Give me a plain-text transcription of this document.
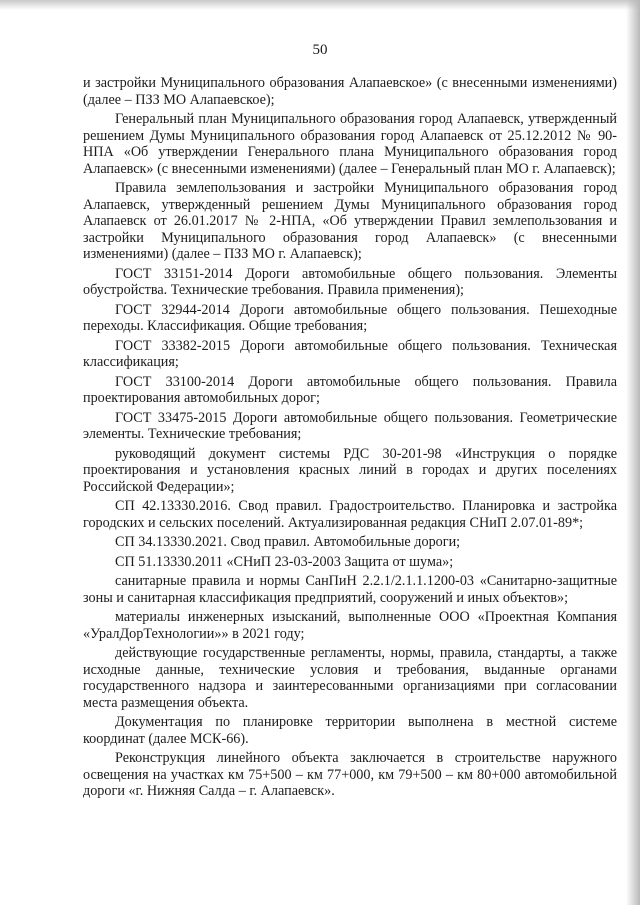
50

и застройки Муниципального образования Алапаевское» (с внесенными изменениями) (далее – ПЗЗ МО Алапаевское);

Генеральный план Муниципального образования город Алапаевск, утвержденный решением Думы Муниципального образования город Алапаевск от 25.12.2012 № 90-НПА «Об утверждении Генерального плана Муниципального образования город Алапаевск» (с внесенными изменениями) (далее – Генеральный план МО г. Алапаевск);

Правила землепользования и застройки Муниципального образования город Алапаевск, утвержденный решением Думы Муниципального образования город Алапаевск от 26.01.2017 № 2-НПА, «Об утверждении Правил землепользования и застройки Муниципального образования город Алапаевск» (с внесенными изменениями) (далее – ПЗЗ МО г. Алапаевск);

ГОСТ 33151-2014 Дороги автомобильные общего пользования. Элементы обустройства. Технические требования. Правила применения);

ГОСТ 32944-2014 Дороги автомобильные общего пользования. Пешеходные переходы. Классификация. Общие требования;

ГОСТ 33382-2015 Дороги автомобильные общего пользования. Техническая классификация;

ГОСТ 33100-2014 Дороги автомобильные общего пользования. Правила проектирования автомобильных дорог;

ГОСТ 33475-2015 Дороги автомобильные общего пользования. Геометрические элементы. Технические требования;

руководящий документ системы РДС 30-201-98 «Инструкция о порядке проектирования и установления красных линий в городах и других поселениях Российской Федерации»;

СП 42.13330.2016. Свод правил. Градостроительство. Планировка и застройка городских и сельских поселений. Актуализированная редакция СНиП 2.07.01-89*;

СП 34.13330.2021. Свод правил. Автомобильные дороги;

СП 51.13330.2011 «СНиП 23-03-2003 Защита от шума»;

санитарные правила и нормы СанПиН 2.2.1/2.1.1.1200-03 «Санитарно-защитные зоны и санитарная классификация предприятий, сооружений и иных объектов»;

материалы инженерных изысканий, выполненные ООО «Проектная Компания «УралДорТехнологии»» в 2021 году;

действующие государственные регламенты, нормы, правила, стандарты, а также исходные данные, технические условия и требования, выданные органами государственного надзора и заинтересованными организациями при согласовании места размещения объекта.

Документация по планировке территории выполнена в местной системе координат (далее МСК-66).

Реконструкция линейного объекта заключается в строительстве наружного освещения на участках км 75+500 – км 77+000, км 79+500 – км 80+000 автомобильной дороги «г. Нижняя Салда – г. Алапаевск».
